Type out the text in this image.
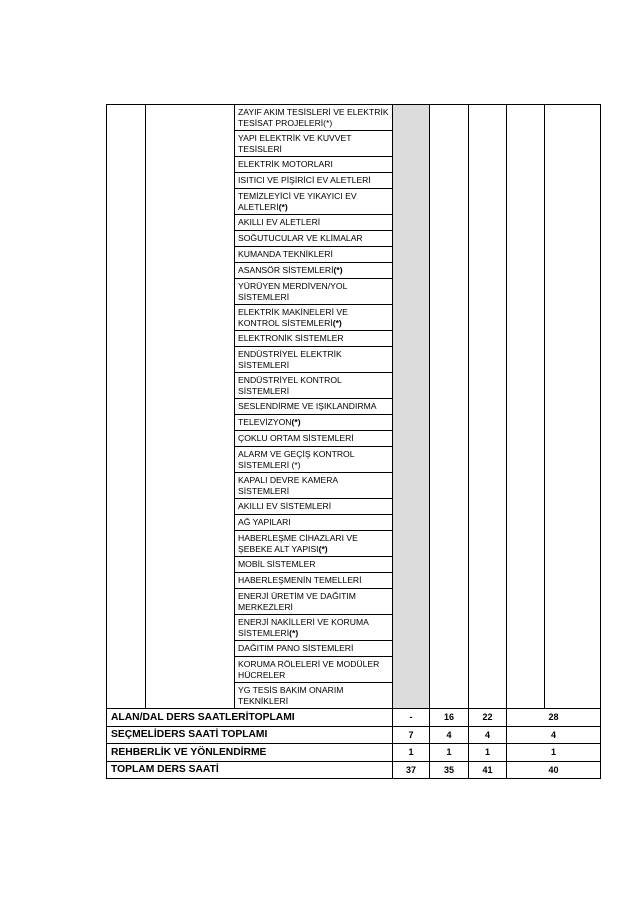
		ZAYIF AKIM TESİSLERİ VE ELEKTRİK TESİSAT PROJELERİ(*)					
		YAPI ELEKTRİK VE KUVVET TESİSLERİ					
		ELEKTRİK MOTORLARI					
		ISITICI VE PİŞİRİCİ EV ALETLERİ					
		TEMİZLEYİCİ VE YIKAYICI EV ALETLERİ(*)					
		AKILLI EV ALETLERİ					
		SOĞUTUCULAR VE KLİMALAR					
		KUMANDA TEKNİKLERİ					
		ASANSÖR SİSTEMLERİ(*)					
		YÜRÜYEN MERDİVEN/YOL SİSTEMLERİ					
		ELEKTRİK MAKİNELERİ VE KONTROL SİSTEMLERİ(*)					
		ELEKTRONİK SİSTEMLER					
		ENDÜSTRİYEL ELEKTRİK SİSTEMLERİ					
		ENDÜSTRİYEL KONTROL SİSTEMLERİ					
		SESLENDİRME VE IŞIKLANDIRMA					
		TELEVİZYON(*)					
		ÇOKLU ORTAM SİSTEMLERİ					
		ALARM VE GEÇİŞ KONTROL SİSTEMLERİ (*)					
		KAPALI DEVRE KAMERA SİSTEMLERİ					
		AKILLI EV SİSTEMLERİ					
		AĞ YAPILARI					
		HABERLEŞME CİHAZLARI VE ŞEBEKE ALT YAPISI(*)					
		MOBİL SİSTEMLER					
		HABERLEŞMENİN TEMELLERİ					
		ENERJİ ÜRETİM VE DAĞITIM MERKEZLERİ					
		ENERJİ NAKİLLERİ VE KORUMA SİSTEMLERİ(*)					
		DAĞITIM PANO SİSTEMLERİ					
		KORUMA RÖLELERİ VE MODÜLER HÜCRELER					
		YG TESİS BAKIM ONARIM TEKNİKLERİ					
ALAN/DAL DERS SAATLERİTOPLAMI			-	16	22	28	
SEÇMELİDERS SAATİ TOPLAMI			7	4	4	4	
REHBERLİK VE YÖNLENDİRME			1	1	1	1	
TOPLAM DERS SAATİ			37	35	41	40	
